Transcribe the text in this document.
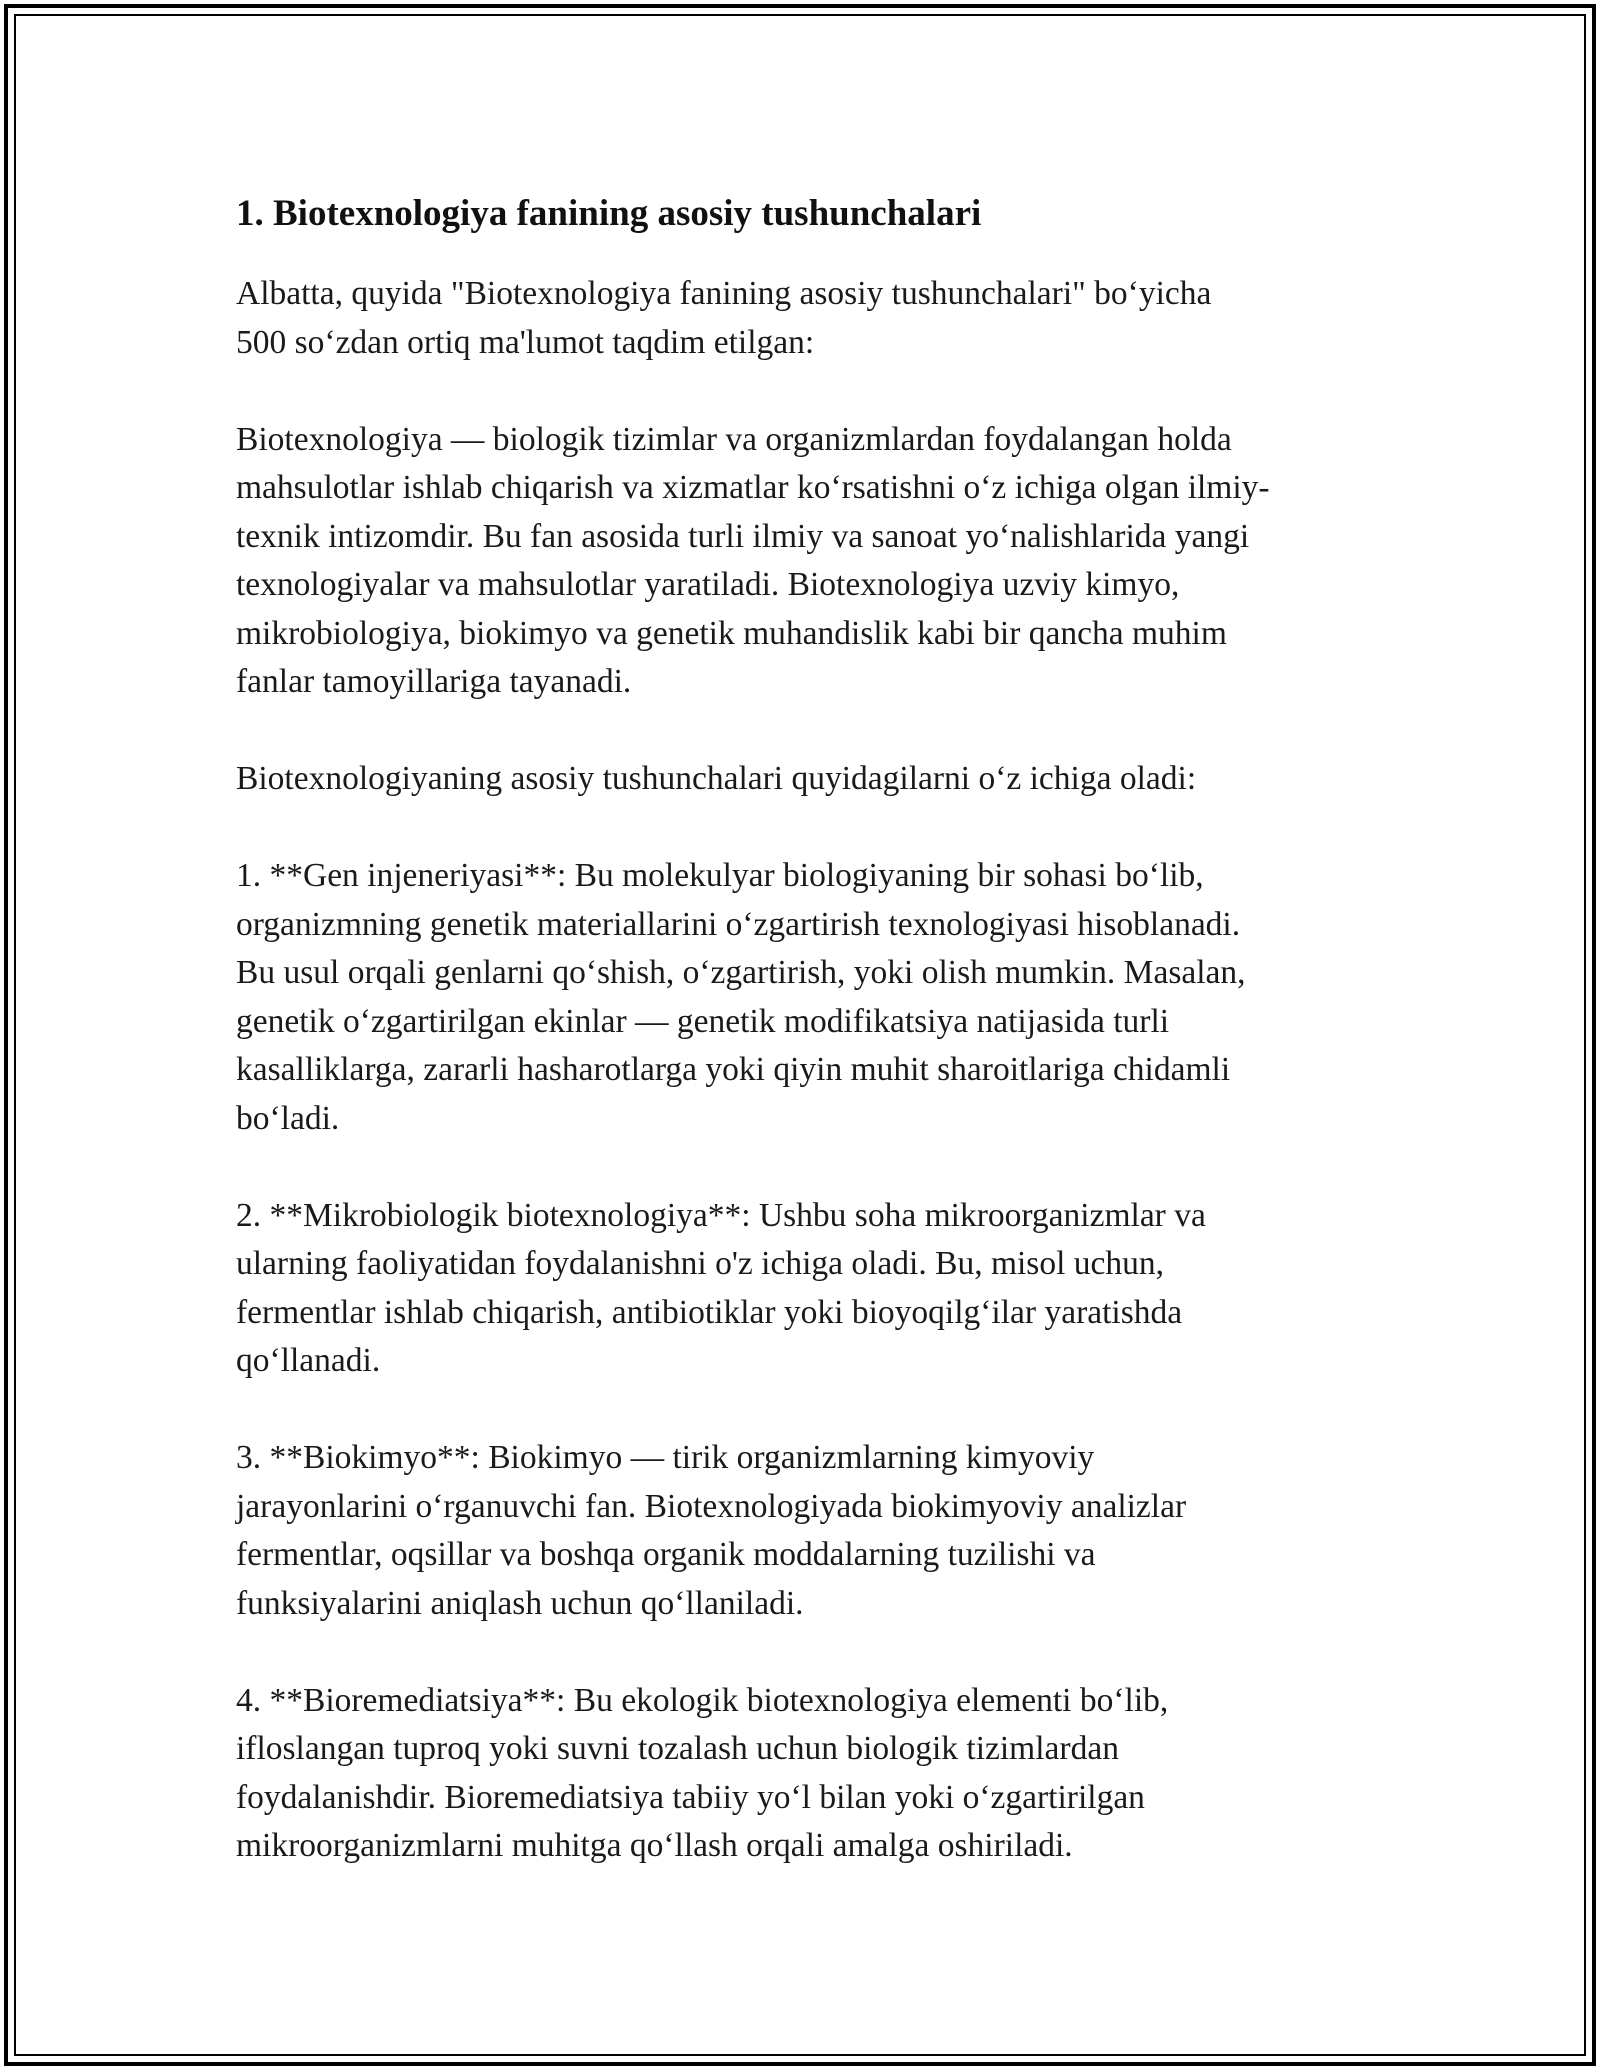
1. Biotexnologiya fanining asosiy tushunchalari

Albatta, quyida "Biotexnologiya fanining asosiy tushunchalari" bo‘yicha
500 so‘zdan ortiq ma'lumot taqdim etilgan:

Biotexnologiya — biologik tizimlar va organizmlardan foydalangan holda
mahsulotlar ishlab chiqarish va xizmatlar ko‘rsatishni o‘z ichiga olgan ilmiy-
texnik intizomdir. Bu fan asosida turli ilmiy va sanoat yo‘nalishlarida yangi
texnologiyalar va mahsulotlar yaratiladi. Biotexnologiya uzviy kimyo,
mikrobiologiya, biokimyo va genetik muhandislik kabi bir qancha muhim
fanlar tamoyillariga tayanadi.

Biotexnologiyaning asosiy tushunchalari quyidagilarni o‘z ichiga oladi:

1. **Gen injeneriyasi**: Bu molekulyar biologiyaning bir sohasi bo‘lib,
organizmning genetik materiallarini o‘zgartirish texnologiyasi hisoblanadi.
Bu usul orqali genlarni qo‘shish, o‘zgartirish, yoki olish mumkin. Masalan,
genetik o‘zgartirilgan ekinlar — genetik modifikatsiya natijasida turli
kasalliklarga, zararli hasharotlarga yoki qiyin muhit sharoitlariga chidamli
bo‘ladi.

2. **Mikrobiologik biotexnologiya**: Ushbu soha mikroorganizmlar va
ularning faoliyatidan foydalanishni o'z ichiga oladi. Bu, misol uchun,
fermentlar ishlab chiqarish, antibiotiklar yoki bioyoqilg‘ilar yaratishda
qo‘llanadi.

3. **Biokimyo**: Biokimyo — tirik organizmlarning kimyoviy
jarayonlarini o‘rganuvchi fan. Biotexnologiyada biokimyoviy analizlar
fermentlar, oqsillar va boshqa organik moddalarning tuzilishi va
funksiyalarini aniqlash uchun qo‘llaniladi.

4. **Bioremediatsiya**: Bu ekologik biotexnologiya elementi bo‘lib,
ifloslangan tuproq yoki suvni tozalash uchun biologik tizimlardan
foydalanishdir. Bioremediatsiya tabiiy yo‘l bilan yoki o‘zgartirilgan
mikroorganizmlarni muhitga qo‘llash orqali amalga oshiriladi.
